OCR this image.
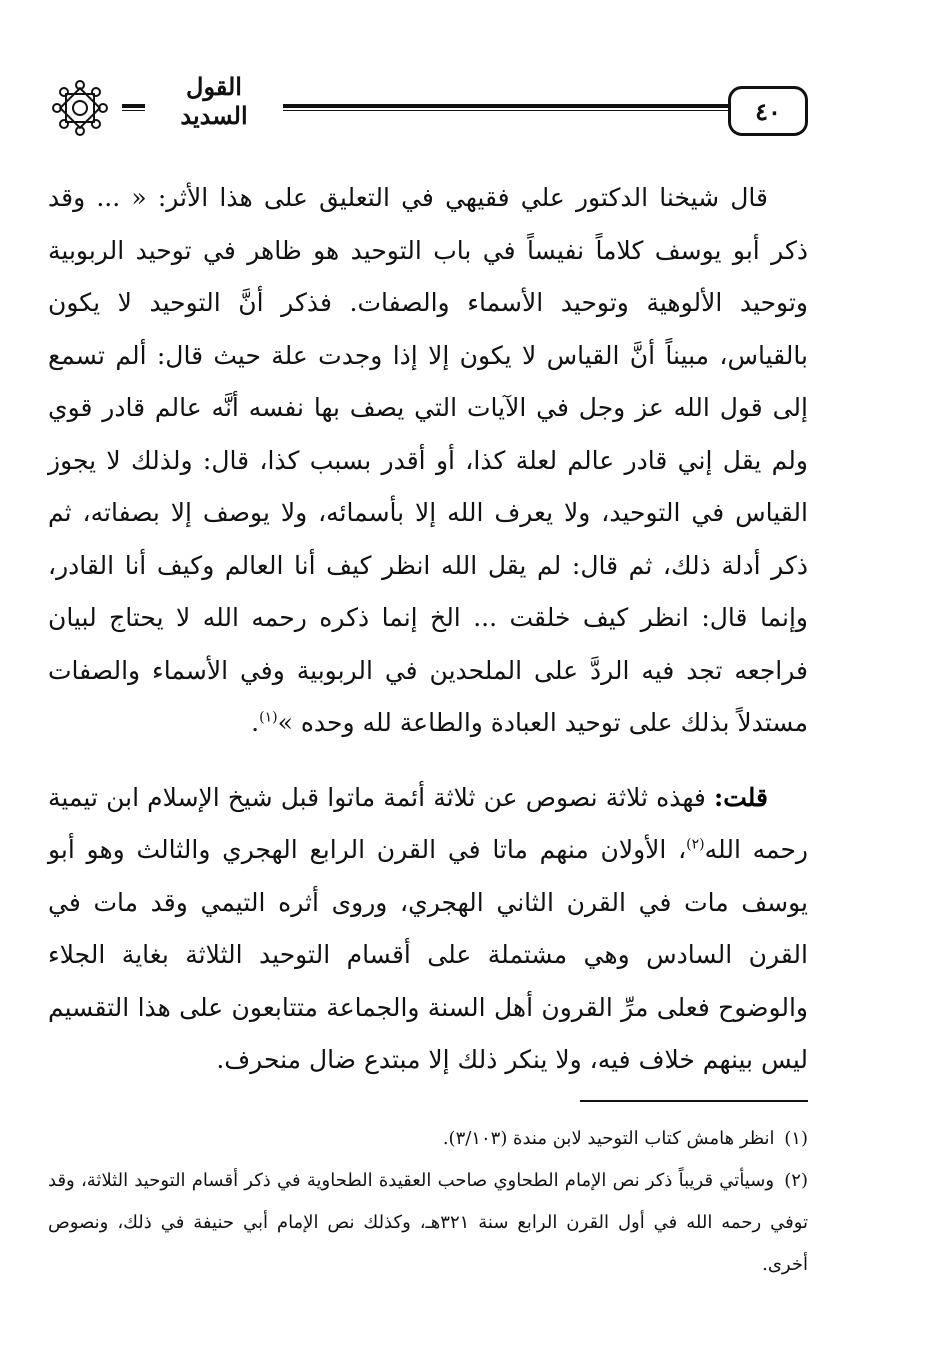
٤٠
القول السديد

قال شيخنا الدكتور علي فقيهي في التعليق على هذا الأثر: « ... وقد ذكر أبو يوسف كلاماً نفيساً في باب التوحيد هو ظاهر في توحيد الربوبية وتوحيد الألوهية وتوحيد الأسماء والصفات. فذكر أنَّ التوحيد لا يكون بالقياس، مبيناً أنَّ القياس لا يكون إلا إذا وجدت علة حيث قال: ألم تسمع إلى قول الله عز وجل في الآيات التي يصف بها نفسه أنَّه عالم قادر قوي ولم يقل إني قادر عالم لعلة كذا، أو أقدر بسبب كذا، قال: ولذلك لا يجوز القياس في التوحيد، ولا يعرف الله إلا بأسمائه، ولا يوصف إلا بصفاته، ثم ذكر أدلة ذلك، ثم قال: لم يقل الله انظر كيف أنا العالم وكيف أنا القادر، وإنما قال: انظر كيف خلقت ... الخ إنما ذكره رحمه الله لا يحتاج لبيان فراجعه تجد فيه الردَّ على الملحدين في الربوبية وفي الأسماء والصفات مستدلاً بذلك على توحيد العبادة والطاعة لله وحده »$^{(١)}$.

قلت: فهذه ثلاثة نصوص عن ثلاثة أئمة ماتوا قبل شيخ الإسلام ابن تيمية رحمه الله$^{(٢)}$، الأولان منهم ماتا في القرن الرابع الهجري والثالث وهو أبو يوسف مات في القرن الثاني الهجري، وروى أثره التيمي وقد مات في القرن السادس وهي مشتملة على أقسام التوحيد الثلاثة بغاية الجلاء والوضوح فعلى مرِّ القرون أهل السنة والجماعة متتابعون على هذا التقسيم ليس بينهم خلاف فيه، ولا ينكر ذلك إلا مبتدع ضال منحرف.

(١) انظر هامش كتاب التوحيد لابن مندة (٣/١٠٣).

(٢) وسيأتي قريباً ذكر نص الإمام الطحاوي صاحب العقيدة الطحاوية في ذكر أقسام التوحيد الثلاثة، وقد توفي رحمه الله في أول القرن الرابع سنة ٣٢١هـ، وكذلك نص الإمام أبي حنيفة في ذلك، ونصوص أخرى.
